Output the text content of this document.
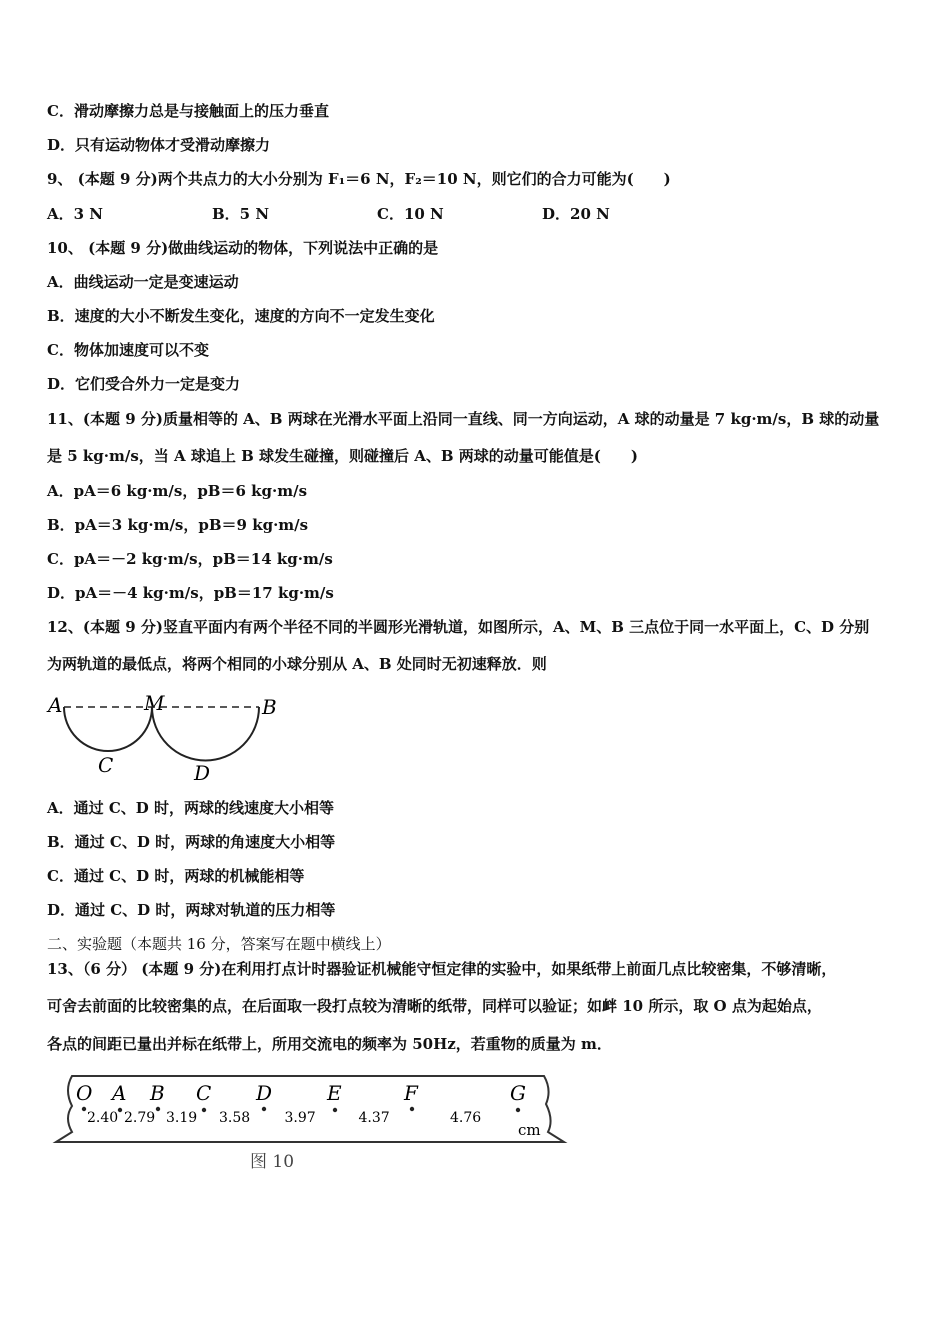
C．滑动摩擦力总是与接触面上的压力垂直
D．只有运动物体才受滑动摩擦力
9、 (本题 9 分)两个共点力的大小分别为 F₁＝6 N，F₂＝10 N，则它们的合力可能为(　　)
A．3 N	B．5 N	C．10 N	D．20 N
10、 (本题 9 分)做曲线运动的物体，下列说法中正确的是
A．曲线运动一定是变速运动
B．速度的大小不断发生变化，速度的方向不一定发生变化
C．物体加速度可以不变
D．它们受合外力一定是变力
11、(本题 9 分)质量相等的 A、B 两球在光滑水平面上沿同一直线、同一方向运动，A 球的动量是 7 kg·m/s，B 球的动量
是 5 kg·m/s，当 A 球追上 B 球发生碰撞，则碰撞后 A、B 两球的动量可能值是(　　)
A．pA＝6 kg·m/s，pB＝6 kg·m/s
B．pA＝3 kg·m/s，pB＝9 kg·m/s
C．pA＝－2 kg·m/s，pB＝14 kg·m/s
D．pA＝－4 kg·m/s，pB＝17 kg·m/s
12、(本题 9 分)竖直平面内有两个半径不同的半圆形光滑轨道，如图所示，A、M、B 三点位于同一水平面上，C、D 分别
为两轨道的最低点，将两个相同的小球分别从 A、B 处同时无初速释放．则
A	M	B
C	D
A．通过 C、D 时，两球的线速度大小相等
B．通过 C、D 时，两球的角速度大小相等
C．通过 C、D 时，两球的机械能相等
D．通过 C、D 时，两球对轨道的压力相等
二、实验题（本题共 16 分，答案写在题中横线上）
13、（6 分） (本题 9 分)在利用打点计时器验证机械能守恒定律的实验中，如果纸带上前面几点比较密集，不够清晰，
可舍去前面的比较密集的点，在后面取一段打点较为清晰的纸带，同样可以验证；如衅 10 所示，取 O 点为起始点，
各点的间距已量出并标在纸带上，所用交流电的频率为 50Hz，若重物的质量为 m．
O A B C D	E	F	G
2.40 2.79 3.19 3.58 3.97	4.37	4.76
cm
图 10
